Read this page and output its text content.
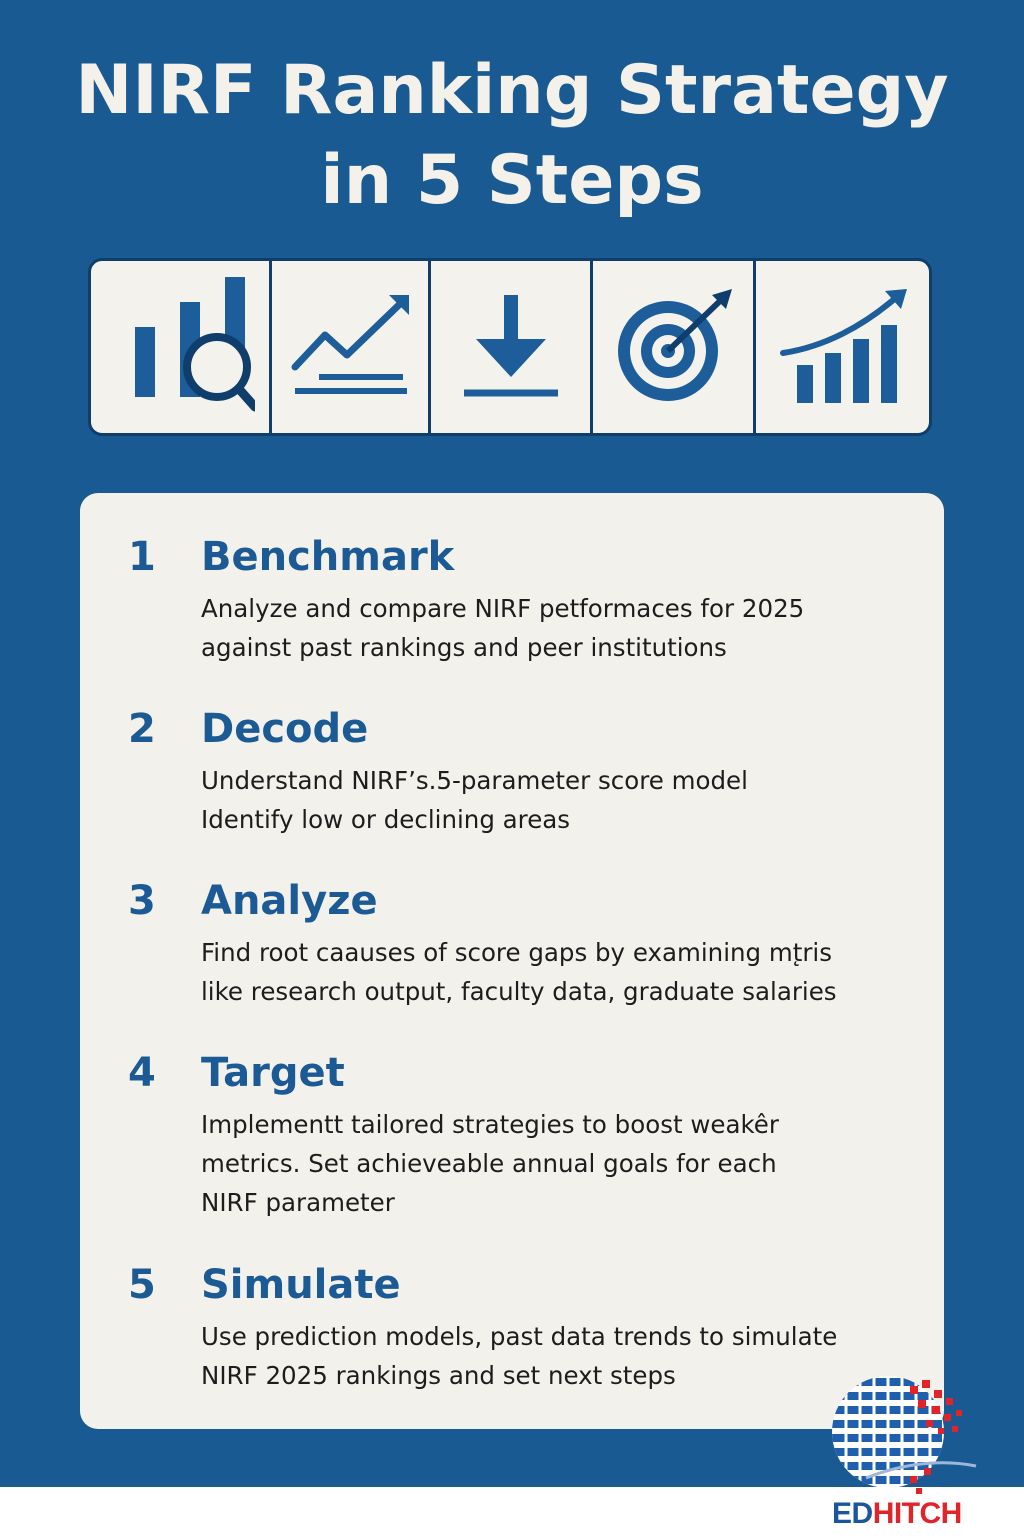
NIRF Ranking Strategy
in 5 Steps
1	Benchmark
Analyze and compare NIRF petformaces for 2025
against past rankings and peer institutions
2	Decode
Understand NIRF’s.5-parameter score model
Identify low or declining areas
3	Analyze
Find root caauses of score gaps by examining mt̨ris
like research output, faculty data, graduate salaries
4	Target
Implementt tailored strategies to boost weakêr
metrics. Set achieveable annual goals for each
NIRF parameter
5	Simulate
Use prediction models, past data trends to simulate
NIRF 2025 rankings and set next steps
EDHITCH
